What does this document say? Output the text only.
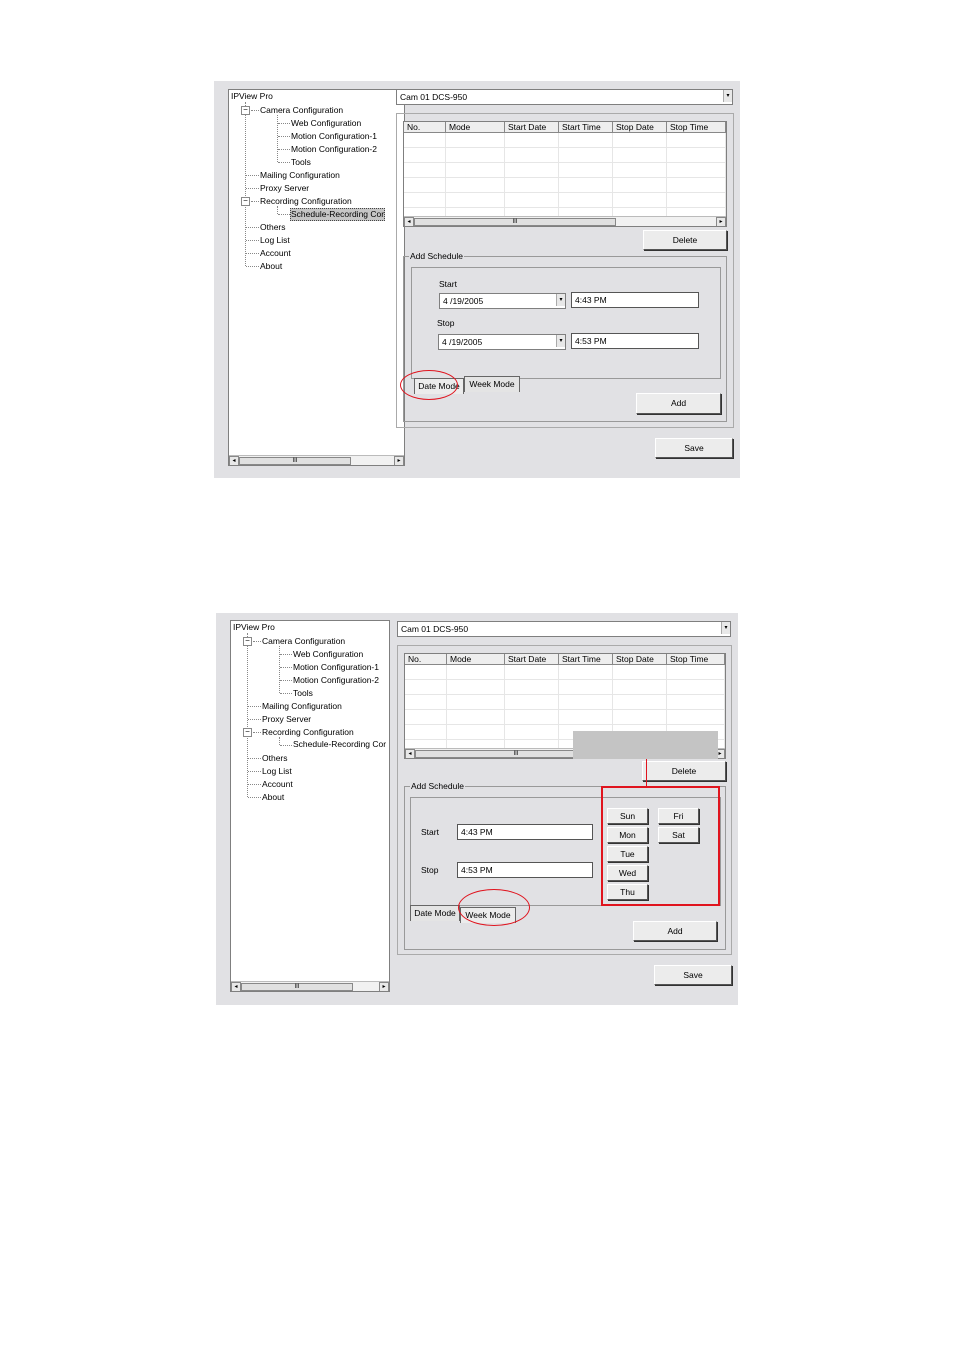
IPView Pro
−
−
Camera Configuration
Web Configuration
Motion Configuration-1
Motion Configuration-2
Tools
Mailing Configuration
Proxy Server
Recording Configuration
Schedule-Recording Cor
Others
Log List
Account
About
◂	III	▸
Cam 01 DCS-950	▾
No.	Mode	Start Date	Start Time	Stop Date	Stop Time

◂	III	▸
Delete
Add Schedule
Start
4 /19/2005	▾ 4:43 PM
Stop
4 /19/2005	▾ 4:53 PM
Date Mode	Week Mode
Add
Save
IPView Pro
−
−
Camera Configuration
Web Configuration
Motion Configuration-1
Motion Configuration-2
Tools
Mailing Configuration
Proxy Server
Recording Configuration
Schedule-Recording Cor
Others
Log List
Account
About
◂	III	▸
Cam 01 DCS-950	▾
No.	Mode	Start Date	Start Time	Stop Date	Stop Time

◂	III	▸
Delete
Add Schedule
Start	4:43 PM
Stop	4:53 PM
Sun
Mon
Tue
Wed
Thu
Fri
Sat
Date Mode	Week Mode
Add
Save
